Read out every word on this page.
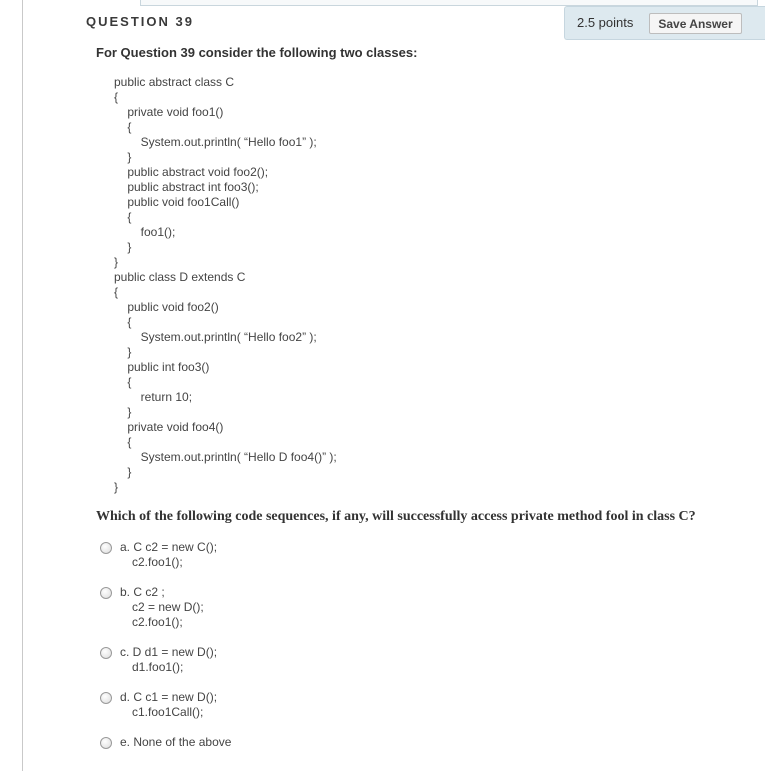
QUESTION 39	2.5 points	Save Answer
For Question 39 consider the following two classes:
public abstract class C
{
private void foo1()
{
System.out.println( “Hello foo1” );
}
public abstract void foo2();
public abstract int foo3();
public void foo1Call()
{
foo1();
}
}
public class D extends C
{
public void foo2()
{
System.out.println( “Hello foo2” );
}
public int foo3()
{
return 10;
}
private void foo4()
{
System.out.println( “Hello D foo4()” );
}
}
Which of the following code sequences, if any, will successfully access private method fool in class C?
a. C c2 = new C();
c2.foo1();
b. C c2 ;
c2 = new D();
c2.foo1();
c. D d1 = new D();
d1.foo1();
d. C c1 = new D();
c1.foo1Call();
e. None of the above
